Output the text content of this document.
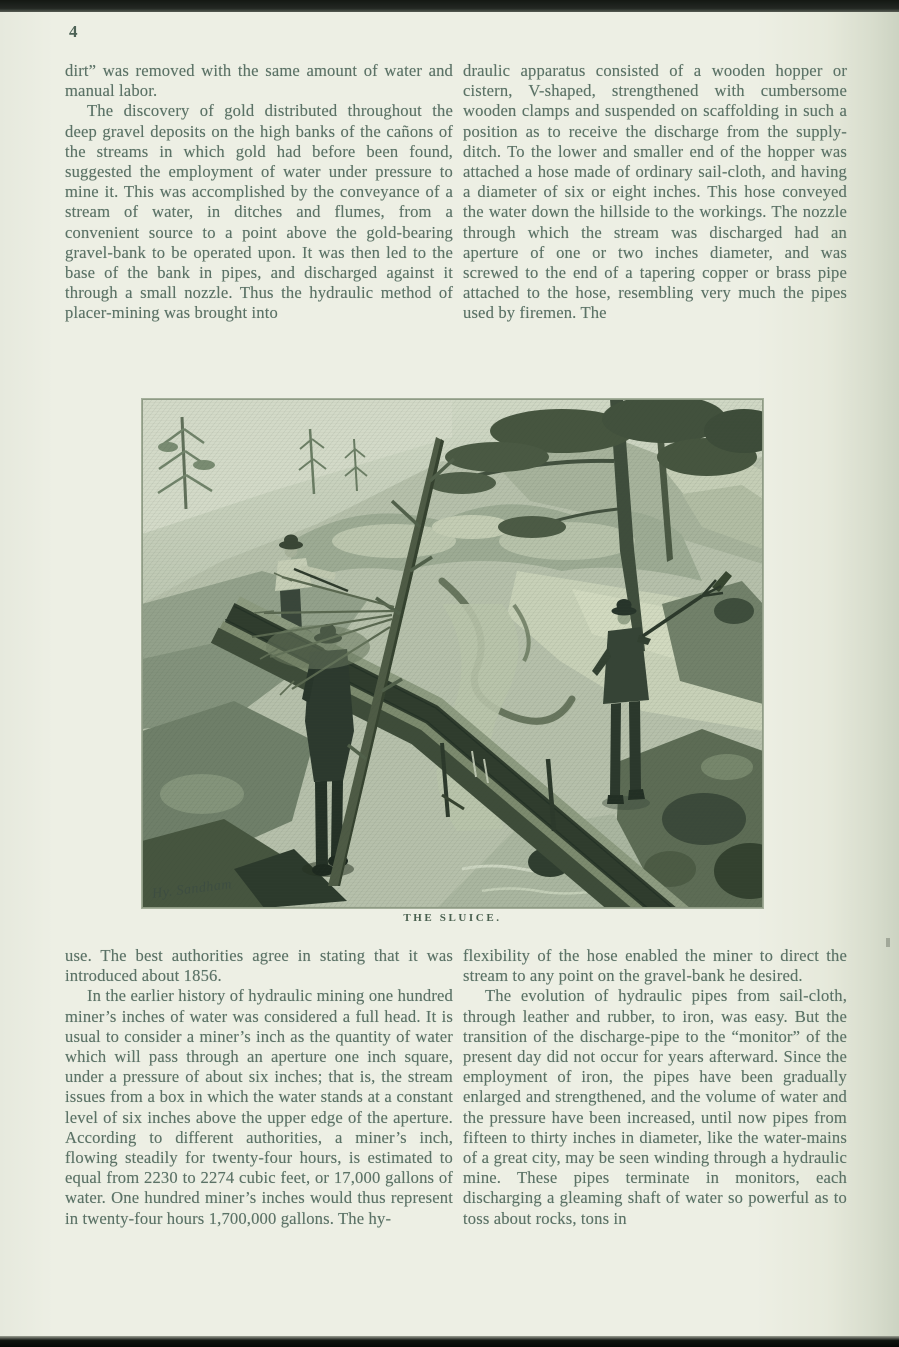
4

dirt” was removed with the same amount of water and manual labor.

The discovery of gold distributed throughout the deep gravel deposits on the high banks of the cañons of the streams in which gold had before been found, suggested the employment of water under pressure to mine it. This was accomplished by the conveyance of a stream of water, in ditches and flumes, from a convenient source to a point above the gold-bearing gravel-bank to be operated upon. It was then led to the base of the bank in pipes, and discharged against it through a small nozzle. Thus the hydraulic method of placer-mining was brought into

draulic apparatus consisted of a wooden hopper or cistern, V-shaped, strengthened with cumbersome wooden clamps and suspended on scaffolding in such a position as to receive the discharge from the supply-ditch. To the lower and smaller end of the hopper was attached a hose made of ordinary sail-cloth, and having a diameter of six or eight inches. This hose conveyed the water down the hillside to the workings. The nozzle through which the stream was discharged had an aperture of one or two inches diameter, and was screwed to the end of a tapering copper or brass pipe attached to the hose, resembling very much the pipes used by firemen. The

Hy. Sandham
THE SLUICE.

use. The best authorities agree in stating that it was introduced about 1856.

In the earlier history of hydraulic mining one hundred miner’s inches of water was considered a full head. It is usual to consider a miner’s inch as the quantity of water which will pass through an aperture one inch square, under a pressure of about six inches; that is, the stream issues from a box in which the water stands at a constant level of six inches above the upper edge of the aperture. According to different authorities, a miner’s inch, flowing steadily for twenty-four hours, is estimated to equal from 2230 to 2274 cubic feet, or 17,000 gallons of water. One hundred miner’s inches would thus represent in twenty-four hours 1,700,000 gallons. The hy-

flexibility of the hose enabled the miner to direct the stream to any point on the gravel-bank he desired.

The evolution of hydraulic pipes from sail-cloth, through leather and rubber, to iron, was easy. But the transition of the discharge-pipe to the “monitor” of the present day did not occur for years afterward. Since the employment of iron, the pipes have been gradually enlarged and strengthened, and the volume of water and the pressure have been increased, until now pipes from fifteen to thirty inches in diameter, like the water-mains of a great city, may be seen winding through a hydraulic mine. These pipes terminate in monitors, each discharging a gleaming shaft of water so powerful as to toss about rocks, tons in
